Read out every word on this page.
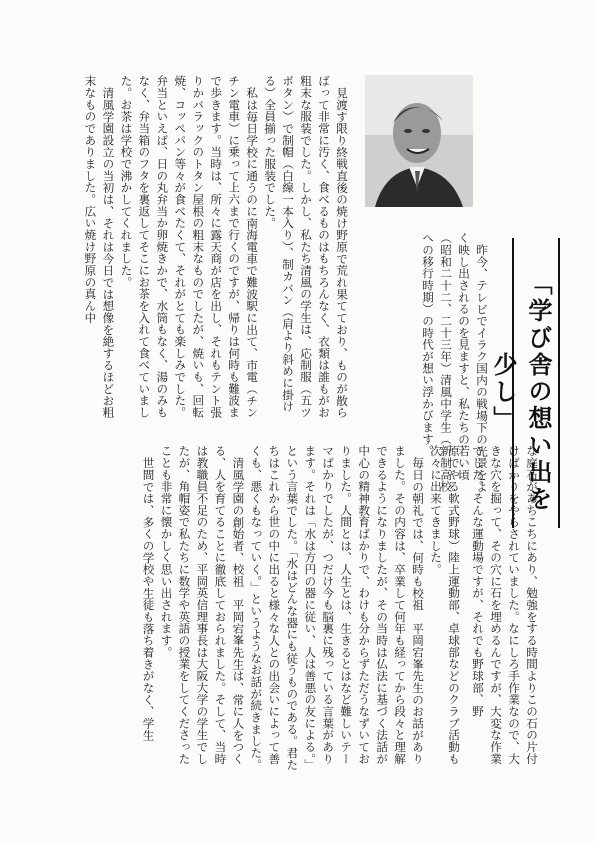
「学び舎の想い出を少し」

昨今、テレビでイラク国内の戦場下の光景をよく映し出されるのを見ますと、私たちの若い頃（昭和二十二、二十三年）清風中学生（新制高校への移行時期）の時代が想い浮かびます。

見渡す限り終戦直後の焼け野原で荒れ果てており、ものが散らばって非常に汚く、食べるものはもちろんなく、衣類は誰もがお粗末な服装でした。しかし、私たち清風の学生は、応制服（五ツボタン）で制帽（白線一本入り）、制カバン（肩より斜めに掛ける）全員揃った服装でした。

私は毎日学校に通うのに南海電車で難波駅に出て、市電（チンチン電車）に乗って上六まで行くのですが、帰りは何時も難波まで歩きます。当時は、所々に露天商が店を出し、それもテント張りかバラックのトタン屋根の粗末なものでしたが、焼いも、回転焼、コッペパン等々が食べたくて、それがとても楽しみでした。弁当といえば、日の丸弁当か卵焼きかで、水筒もなく、湯のみもなく、弁当箱のフタを裏返してそこにお茶を入れて食べていました。お茶は学校で沸かしてくれました。

清風学園設立の当初は、それは今日では想像を絶するほどお粗末なものでありました。広い焼け野原の真ん中

な庭石があちこちにあり、勉強をする時間よりこの石の片付けばかりをやらされていました。なにしろ手作業なので、大きな穴を掘って、その穴に石を埋めるんですが、大変な作業でした。そんな運動場ですが、それでも野球部、野

原でやる軟式野球）陸上運動部、卓球部などのクラブ活動も次々に出来てきました。

毎日の朝礼では、何時も校祖　平岡宕峯先生のお話がありました。その内容は、卒業して何年も経ってから段々と理解できるようになりましたが、その当時は仏法に基づく法話が中心の精神教育ばかりで、わけも分からずただうなずいておりました。人間とは、人生とは、生きるとはなど難しいテーマばかりでしたが、つだけ今も脳裏に残っている言葉があります。それは「水は方円の器に従い、人は善悪の友による。」という言葉でした。「水はどんな器にも従うものである。君たちはこれから世の中に出ると様々な人との出会いによって善くも、悪くもなっていく。」というようなお話が続きました。

清風学園の創始者、校祖　平岡宕峯先生は、常に人をつくる、人を育てることに徹底しておられました。そして、当時は教職員不足のため、平岡英信理事長は大阪大学の学生でしたが、角帽姿で私たちに数学や英語の授業をしてくださったことも非常に懐かしく思い出されます。

世間では、多くの学校や生徒も落ち着きがなく、学生
